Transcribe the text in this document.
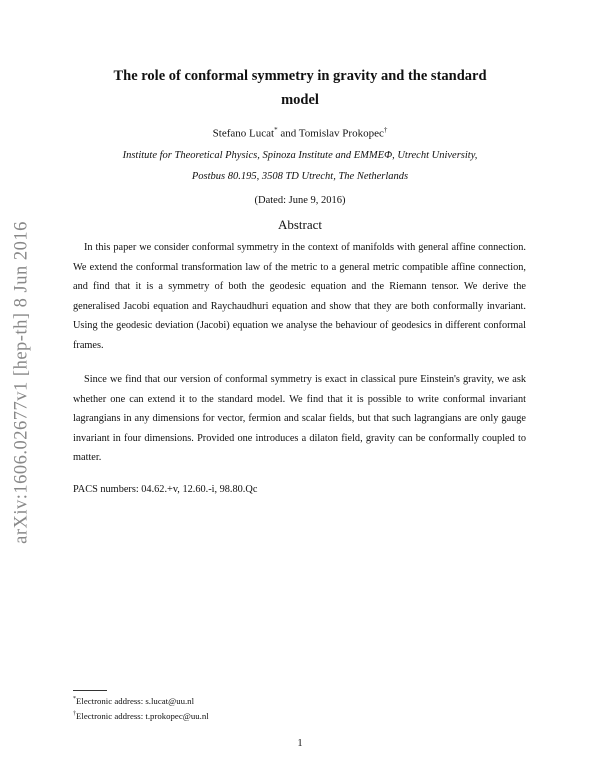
arXiv:1606.02677v1 [hep-th] 8 Jun 2016
The role of conformal symmetry in gravity and the standard
model
Stefano Lucat* and Tomislav Prokopec†
Institute for Theoretical Physics, Spinoza Institute and EMMEΦ, Utrecht University,
Postbus 80.195, 3508 TD Utrecht, The Netherlands
(Dated: June 9, 2016)
Abstract

In this paper we consider conformal symmetry in the context of manifolds with general affine connection. We extend the conformal transformation law of the metric to a general metric compatible affine connection, and find that it is a symmetry of both the geodesic equation and the Riemann tensor. We derive the generalised Jacobi equation and Raychaudhuri equation and show that they are both conformally invariant. Using the geodesic deviation (Jacobi) equation we analyse the behaviour of geodesics in different conformal frames.

Since we find that our version of conformal symmetry is exact in classical pure Einstein's gravity, we ask whether one can extend it to the standard model. We find that it is possible to write conformal invariant lagrangians in any dimensions for vector, fermion and scalar fields, but that such lagrangians are only gauge invariant in four dimensions. Provided one introduces a dilaton field, gravity can be conformally coupled to matter.

PACS numbers: 04.62.+v, 12.60.-i, 98.80.Qc
*Electronic address: s.lucat@uu.nl
†Electronic address: t.prokopec@uu.nl
1
